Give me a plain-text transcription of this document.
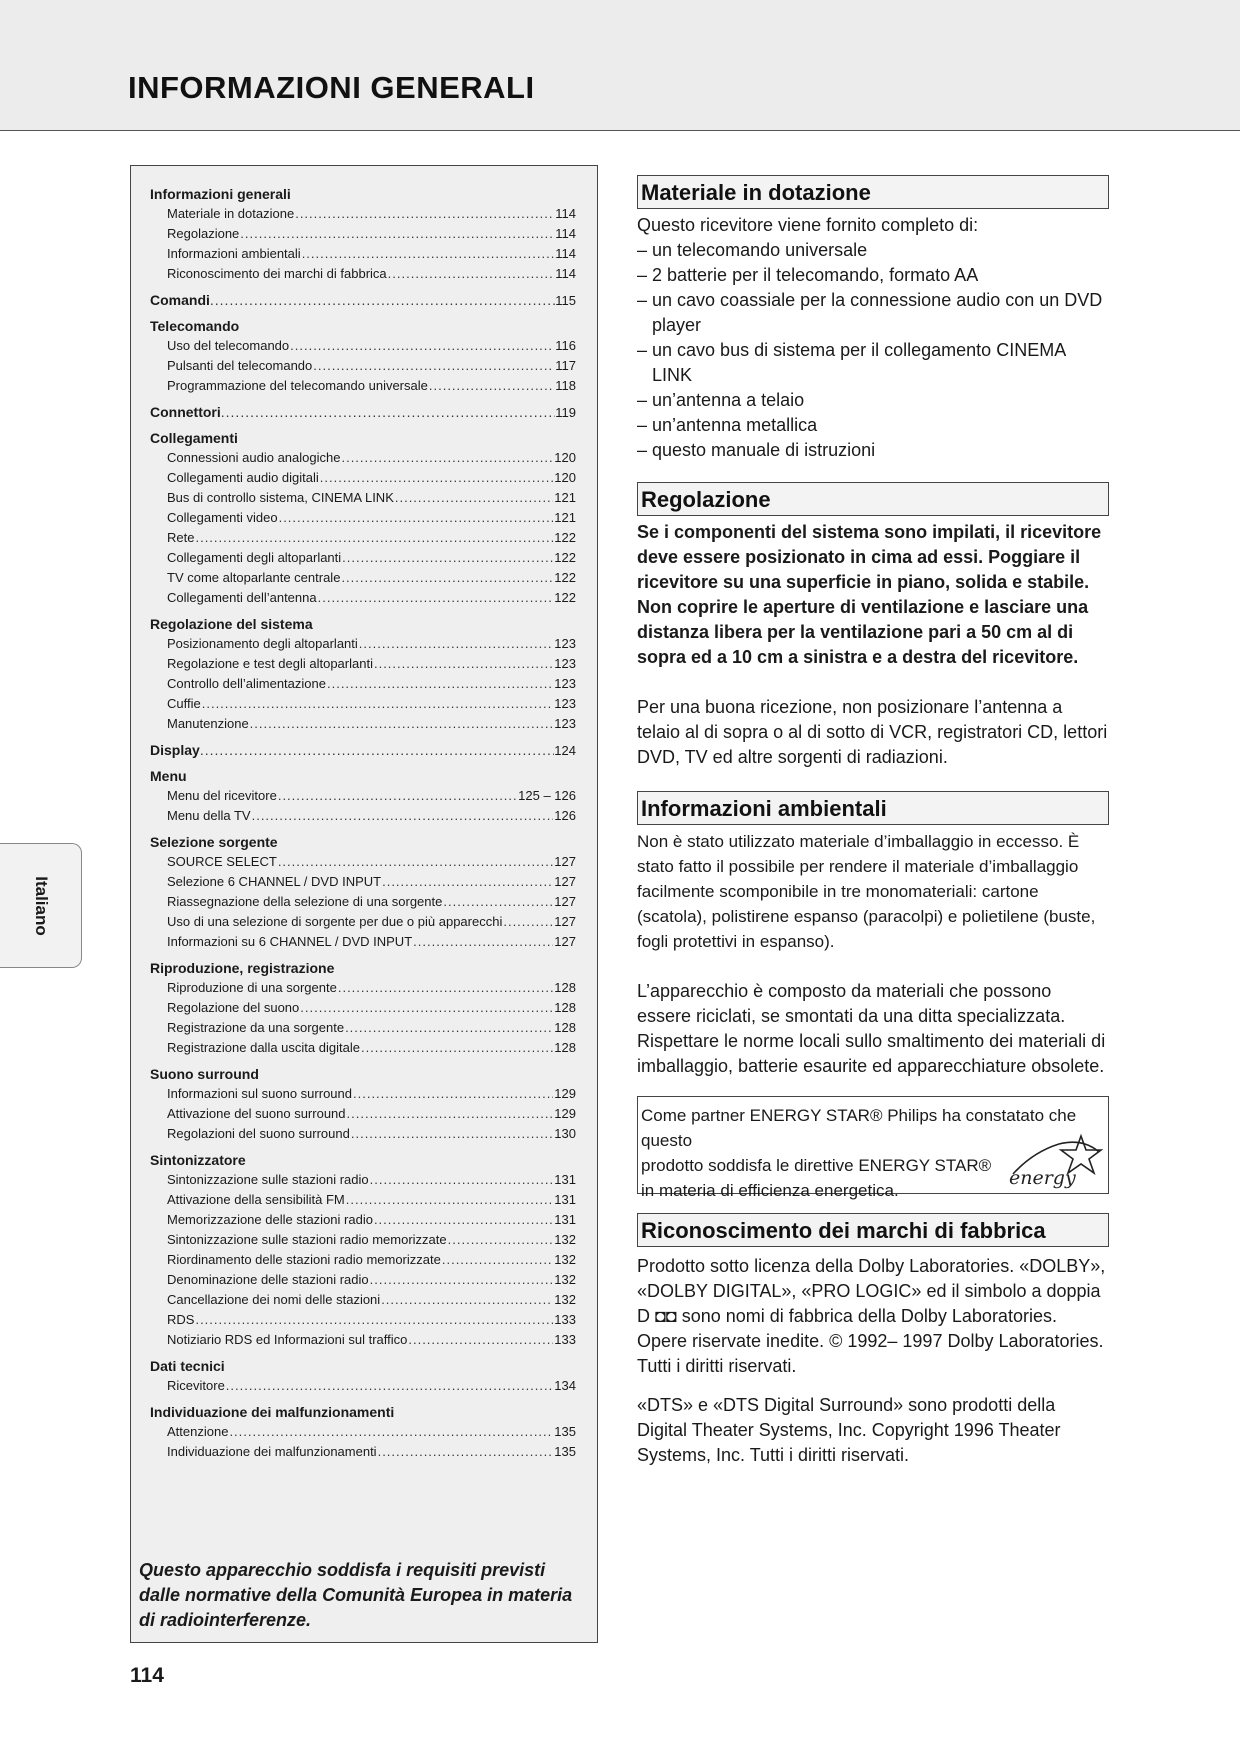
INFORMAZIONI GENERALI
Informazioni generali
Materiale in dotazione .....	114
Regolazione .....	114
Informazioni ambientali .....	114
Riconoscimento dei marchi di fabbrica .....	114
Comandi .....	115
Telecomando
Uso del telecomando .....	116
Pulsanti del telecomando .....	117
Programmazione del telecomando universale .....	118
Connettori .....	119
Collegamenti
Connessioni audio analogiche .....	120
Collegamenti audio digitali .....	120
Bus di controllo sistema, CINEMA LINK .....	121
Collegamenti video .....	121
Rete .....	122
Collegamenti degli altoparlanti .....	122
TV come altoparlante centrale .....	122
Collegamenti dell’antenna .....	122
Regolazione del sistema
Posizionamento degli altoparlanti .....	123
Regolazione e test degli altoparlanti .....	123
Controllo dell’alimentazione .....	123
Cuffie .....	123
Manutenzione .....	123
Display .....	124
Menu
Menu del ricevitore .....	125 – 126
Menu della TV .....	126
Selezione sorgente
SOURCE SELECT .....	127
Selezione 6 CHANNEL / DVD INPUT .....	127
Riassegnazione della selezione di una sorgente .....	127
Uso di una selezione di sorgente per due o più apparecchi .....	127
Informazioni su 6 CHANNEL / DVD INPUT .....	127
Riproduzione, registrazione
Riproduzione di una sorgente .....	128
Regolazione del suono .....	128
Registrazione da una sorgente .....	128
Registrazione dalla uscita digitale .....	128
Suono surround
Informazioni sul suono surround .....	129
Attivazione del suono surround .....	129
Regolazioni del suono surround .....	130
Sintonizzatore
Sintonizzazione sulle stazioni radio .....	131
Attivazione della sensibilità FM .....	131
Memorizzazione delle stazioni radio .....	131
Sintonizzazione sulle stazioni radio memorizzate .....	132
Riordinamento delle stazioni radio memorizzate .....	132
Denominazione delle stazioni radio .....	132
Cancellazione dei nomi delle stazioni .....	132
RDS .....	133
Notiziario RDS ed Informazioni sul traffico .....	133
Dati tecnici
Ricevitore .....	134
Individuazione dei malfunzionamenti
Attenzione .....	135
Individuazione dei malfunzionamenti .....	135

Questo apparecchio soddisfa i requisiti previsti dalle normative della Comunità Europea in materia di radiointerferenze.

Italiano
Materiale in dotazione

Questo ricevitore viene fornito completo di:

– un telecomando universale
– 2 batterie per il telecomando, formato AA
– un cavo coassiale per la connessione audio con un DVD player
– un cavo bus di sistema per il collegamento CINEMA LINK
– un’antenna a telaio
– un’antenna metallica
– questo manuale di istruzioni
Regolazione

Se i componenti del sistema sono impilati, il ricevitore deve essere posizionato in cima ad essi. Poggiare il ricevitore su una superficie in piano, solida e stabile. Non coprire le aperture di ventilazione e lasciare una distanza libera per la ventilazione pari a 50 cm al di sopra ed a 10 cm a sinistra e a destra del ricevitore.

Per una buona ricezione, non posizionare l’antenna a telaio al di sopra o al di sotto di VCR, registratori CD, lettori DVD, TV ed altre sorgenti di radiazioni.

Informazioni ambientali

Non è stato utilizzato materiale d’imballaggio in eccesso. È stato fatto il possibile per rendere il materiale d’imballaggio facilmente scomponibile in tre monomateriali: cartone (scatola), polistirene espanso (paracolpi) e polietilene (buste, fogli protettivi in espanso).

L’apparecchio è composto da materiali che possono essere riciclati, se smontati da una ditta specializzata. Rispettare le norme locali sullo smaltimento dei materiali di imballaggio, batterie esaurite ed apparecchiature obsolete.

Come partner ENERGY STAR® Philips ha constatato che questo

prodotto soddisfa le direttive ENERGY STAR®

in materia di efficienza energetica.

energy
Riconoscimento dei marchi di fabbrica

Prodotto sotto licenza della Dolby Laboratories. «DOLBY», «DOLBY DIGITAL», «PRO LOGIC» ed il simbolo a doppia D ◘◘ sono nomi di fabbrica della Dolby Laboratories. Opere riservate inedite. © 1992– 1997 Dolby Laboratories. Tutti i diritti riservati.

«DTS» e «DTS Digital Surround» sono prodotti della Digital Theater Systems, Inc. Copyright 1996 Theater Systems, Inc. Tutti i diritti riservati.

114
